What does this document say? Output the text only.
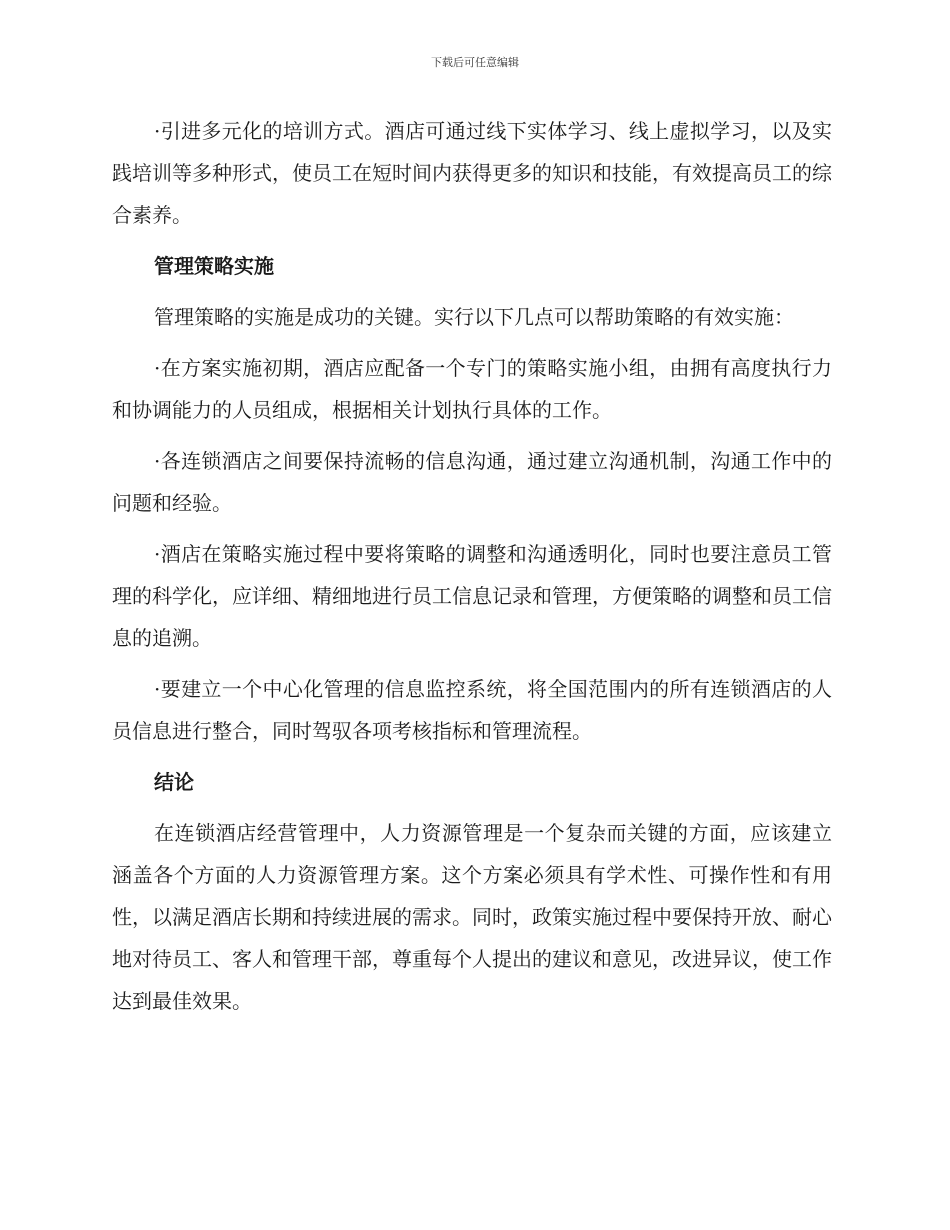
下载后可任意编辑

·引进多元化的培训方式。酒店可通过线下实体学习、线上虚拟学习，以及实践培训等多种形式，使员工在短时间内获得更多的知识和技能，有效提高员工的综合素养。

管理策略实施

管理策略的实施是成功的关键。实行以下几点可以帮助策略的有效实施：

·在方案实施初期，酒店应配备一个专门的策略实施小组，由拥有高度执行力和协调能力的人员组成，根据相关计划执行具体的工作。

·各连锁酒店之间要保持流畅的信息沟通，通过建立沟通机制，沟通工作中的问题和经验。

·酒店在策略实施过程中要将策略的调整和沟通透明化，同时也要注意员工管理的科学化，应详细、精细地进行员工信息记录和管理，方便策略的调整和员工信息的追溯。

·要建立一个中心化管理的信息监控系统，将全国范围内的所有连锁酒店的人员信息进行整合，同时驾驭各项考核指标和管理流程。

结论

在连锁酒店经营管理中，人力资源管理是一个复杂而关键的方面，应该建立涵盖各个方面的人力资源管理方案。这个方案必须具有学术性、可操作性和有用性，以满足酒店长期和持续进展的需求。同时，政策实施过程中要保持开放、耐心地对待员工、客人和管理干部，尊重每个人提出的建议和意见，改进异议，使工作达到最佳效果。
